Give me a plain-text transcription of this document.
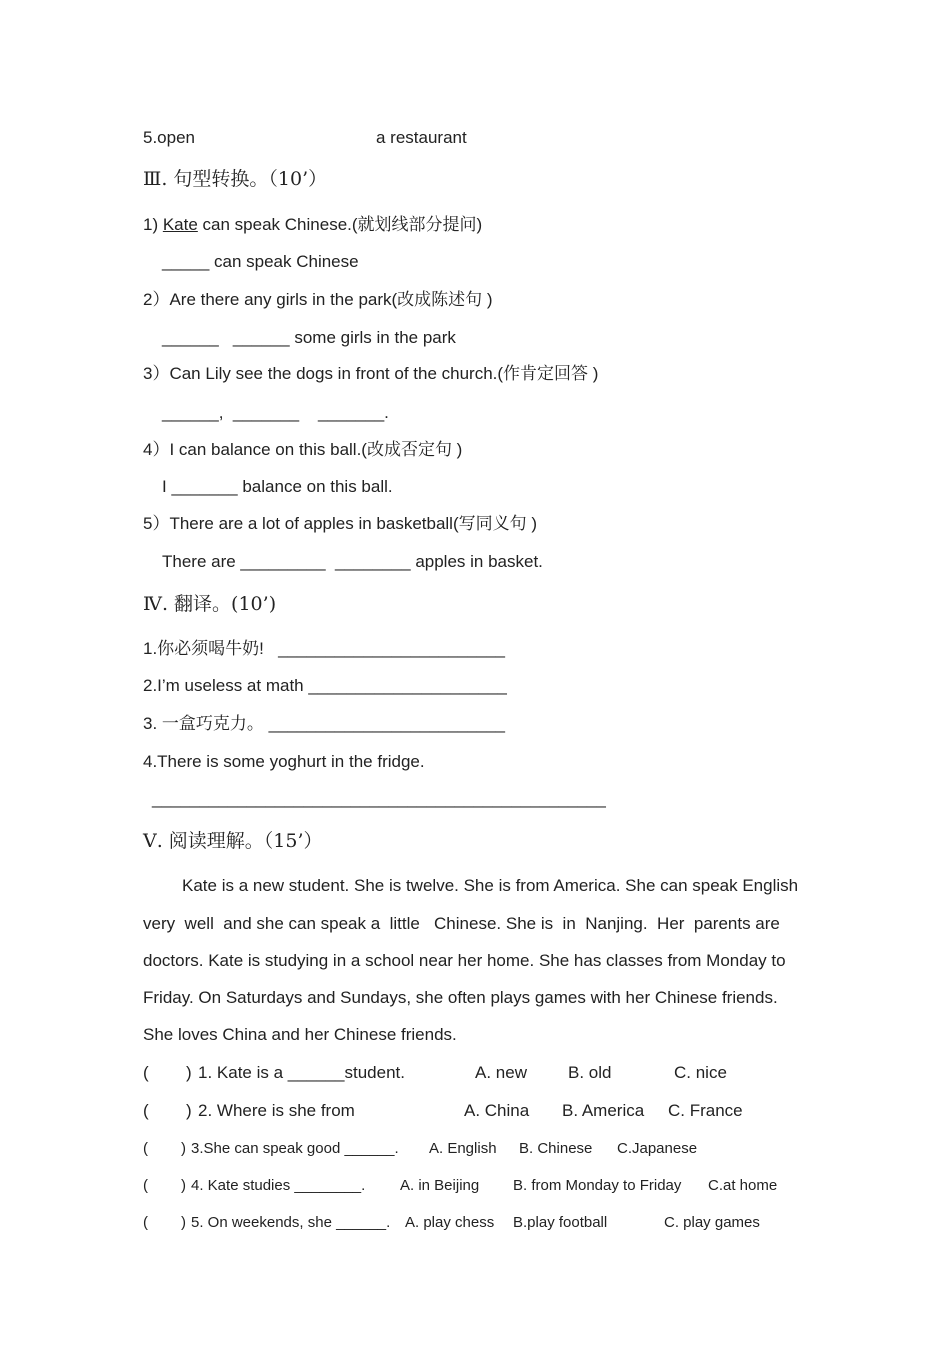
5.open	a restaurant
Ⅲ. 句型转换。（10’）
1) Kate can speak Chinese.(就划线部分提问)
_____ can speak Chinese
2）Are there any girls in the park(改成陈述句 )
______   ______ some girls in the park
3）Can Lily see the dogs in front of the church.(作肯定回答 )
______,  _______    _______.
4）I can balance on this ball.(改成否定句 )
I _______ balance on this ball.
5）There are a lot of apples in basketball(写同义句 )
There are _________  ________ apples in basket.
Ⅳ. 翻译。(10’)
1.你必须喝牛奶!   ________________________
2.I’m useless at math _____________________
3. 一盒巧克力。 _________________________
4.There is some yoghurt in the fridge.
________________________________________________
Ⅴ. 阅读理解。（15’）
Kate is a new student. She is twelve. She is from America. She can speak English
very  well  and she can speak a  little   Chinese. She is  in  Nanjing.  Her  parents are
doctors. Kate is studying in a school near her home. She has classes from Monday to
Friday. On Saturdays and Sundays, she often plays games with her Chinese friends.
She loves China and her Chinese friends.
( ) 1. Kate is a ______student.	A. new B. old	C. nice
( ) 2. Where is she from	A. China B. America C. France
( ) 3.She can speak good ______. A. English B. Chinese C.Japanese
( ) 4. Kate studies ________. A. in Beijing B. from Monday to Friday C.at home
( ) 5. On weekends, she ______. A. play chess B.play football	C. play games
